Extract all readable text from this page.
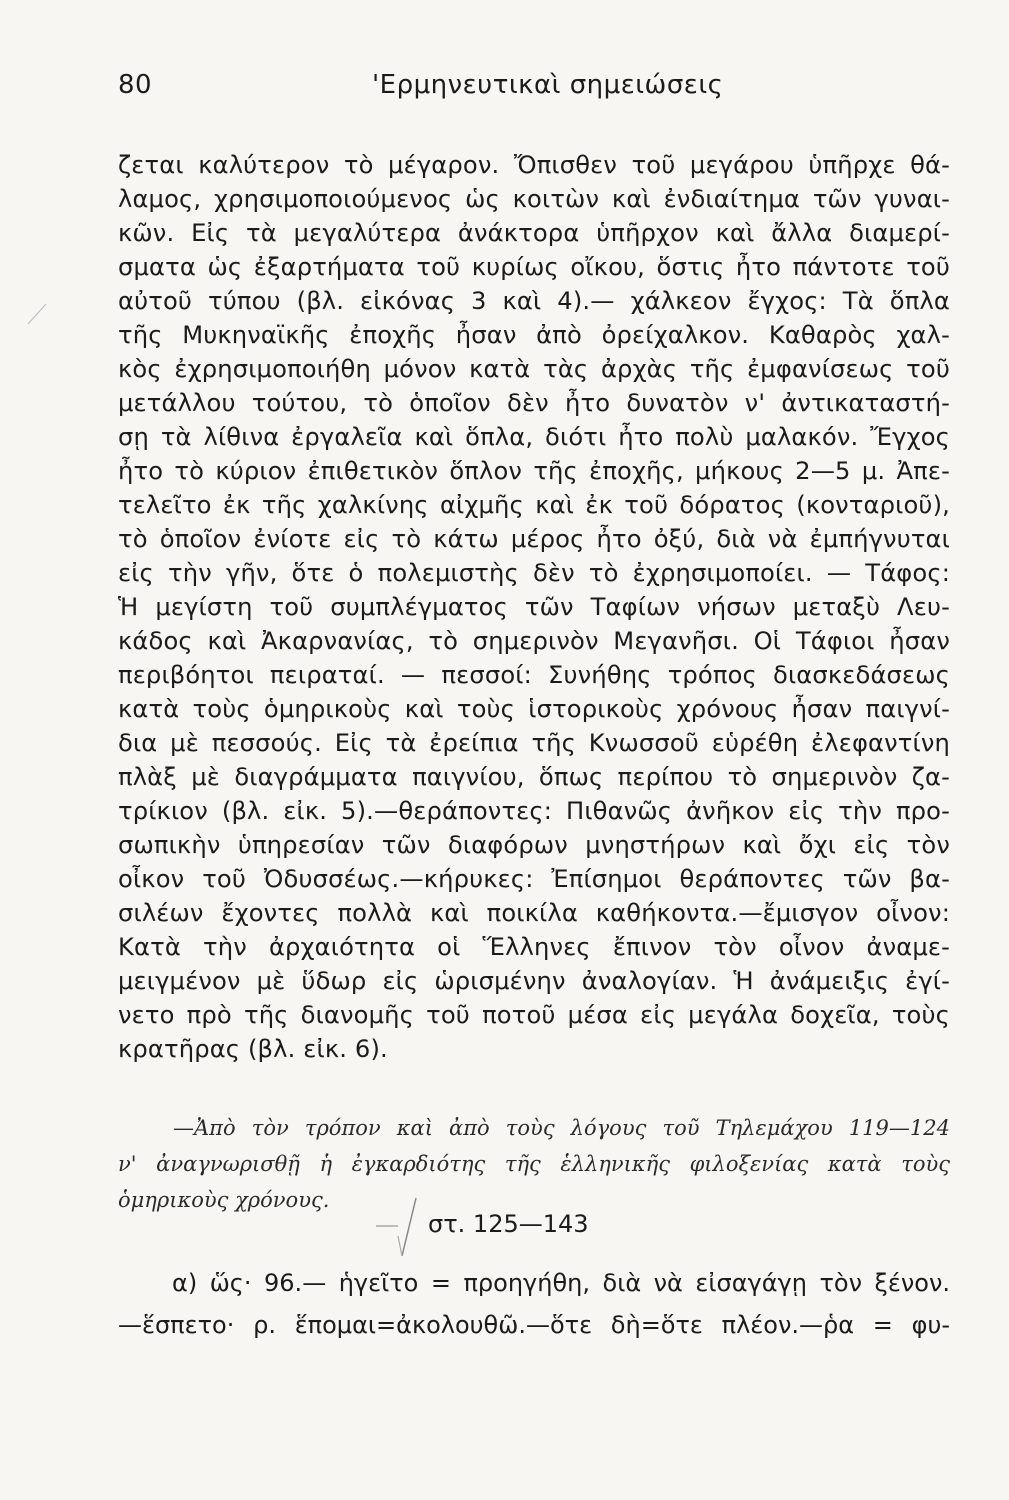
80	'Ερμηνευτικαὶ σημειώσεις
ζεται καλύτερον τὸ μέγαρον. Ὄπισθεν τοῦ μεγάρου ὑπῆρχε θά-
λαμος, χρησιμοποιούμενος ὡς κοιτὼν καὶ ἐνδιαίτημα τῶν γυναι-
κῶν. Εἰς τὰ μεγαλύτερα ἀνάκτορα ὑπῆρχον καὶ ἄλλα διαμερί-
σματα ὡς ἐξαρτήματα τοῦ κυρίως οἴκου, ὅστις ἦτο πάντοτε τοῦ
αὐτοῦ τύπου (βλ. εἰκόνας 3 καὶ 4).— χάλκεον ἔγχος: Τὰ ὅπλα
τῆς Μυκηναϊκῆς ἐποχῆς ἦσαν ἀπὸ ὀρείχαλκον. Καθαρὸς χαλ-
κὸς ἐχρησιμοποιήθη μόνον κατὰ τὰς ἀρχὰς τῆς ἐμφανίσεως τοῦ
μετάλλου τούτου, τὸ ὁποῖον δὲν ἦτο δυνατὸν ν' ἀντικαταστή-
σῃ τὰ λίθινα ἐργαλεῖα καὶ ὅπλα, διότι ἦτο πολὺ μαλακόν. Ἔγχος
ἦτο τὸ κύριον ἐπιθετικὸν ὅπλον τῆς ἐποχῆς, μήκους 2—5 μ. Ἀπε-
τελεῖτο ἐκ τῆς χαλκίνης αἰχμῆς καὶ ἐκ τοῦ δόρατος (κονταριοῦ),
τὸ ὁποῖον ἐνίοτε εἰς τὸ κάτω μέρος ἦτο ὀξύ, διὰ νὰ ἐμπήγνυται
εἰς τὴν γῆν, ὅτε ὁ πολεμιστὴς δὲν τὸ ἐχρησιμοποίει. — Τάφος:
Ἡ μεγίστη τοῦ συμπλέγματος τῶν Ταφίων νήσων μεταξὺ Λευ-
κάδος καὶ Ἀκαρνανίας, τὸ σημερινὸν Μεγανῆσι. Οἱ Τάφιοι ἦσαν
περιβόητοι πειραταί. — πεσσοί: Συνήθης τρόπος διασκεδάσεως
κατὰ τοὺς ὁμηρικοὺς καὶ τοὺς ἱστορικοὺς χρόνους ἦσαν παιγνί-
δια μὲ πεσσούς. Εἰς τὰ ἐρείπια τῆς Κνωσσοῦ εὑρέθη ἐλεφαντίνη
πλὰξ μὲ διαγράμματα παιγνίου, ὅπως περίπου τὸ σημερινὸν ζα-
τρίκιον (βλ. εἰκ. 5).—θεράποντες: Πιθανῶς ἀνῆκον εἰς τὴν προ-
σωπικὴν ὑπηρεσίαν τῶν διαφόρων μνηστήρων καὶ ὄχι εἰς τὸν
οἶκον τοῦ Ὀδυσσέως.—κήρυκες: Ἐπίσημοι θεράποντες τῶν βα-
σιλέων ἔχοντες πολλὰ καὶ ποικίλα καθήκοντα.—ἔμισγον οἶνον:
Κατὰ τὴν ἀρχαιότητα οἱ Ἕλληνες ἔπινον τὸν οἶνον ἀναμε-
μειγμένον μὲ ὕδωρ εἰς ὡρισμένην ἀναλογίαν. Ἡ ἀνάμειξις ἐγί-
νετο πρὸ τῆς διανομῆς τοῦ ποτοῦ μέσα εἰς μεγάλα δοχεῖα, τοὺς
κρατῆρας (βλ. εἰκ. 6).
—Ἀπὸ τὸν τρόπον καὶ ἀπὸ τοὺς λόγους τοῦ Τηλεμάχου 119—124
ν' ἀναγνωρισθῇ ἡ ἐγκαρδιότης τῆς ἑλληνικῆς φιλοξενίας κατὰ τοὺς
ὁμηρικοὺς χρόνους.
στ. 125—143
α) ὥς· 96.— ἡγεῖτο = προηγήθη, διὰ νὰ εἰσαγάγῃ τὸν ξένον.
—ἕσπετο· ρ. ἕπομαι=ἀκολουθῶ.—ὅτε δὴ=ὅτε πλέον.—ῥα = φυ-
